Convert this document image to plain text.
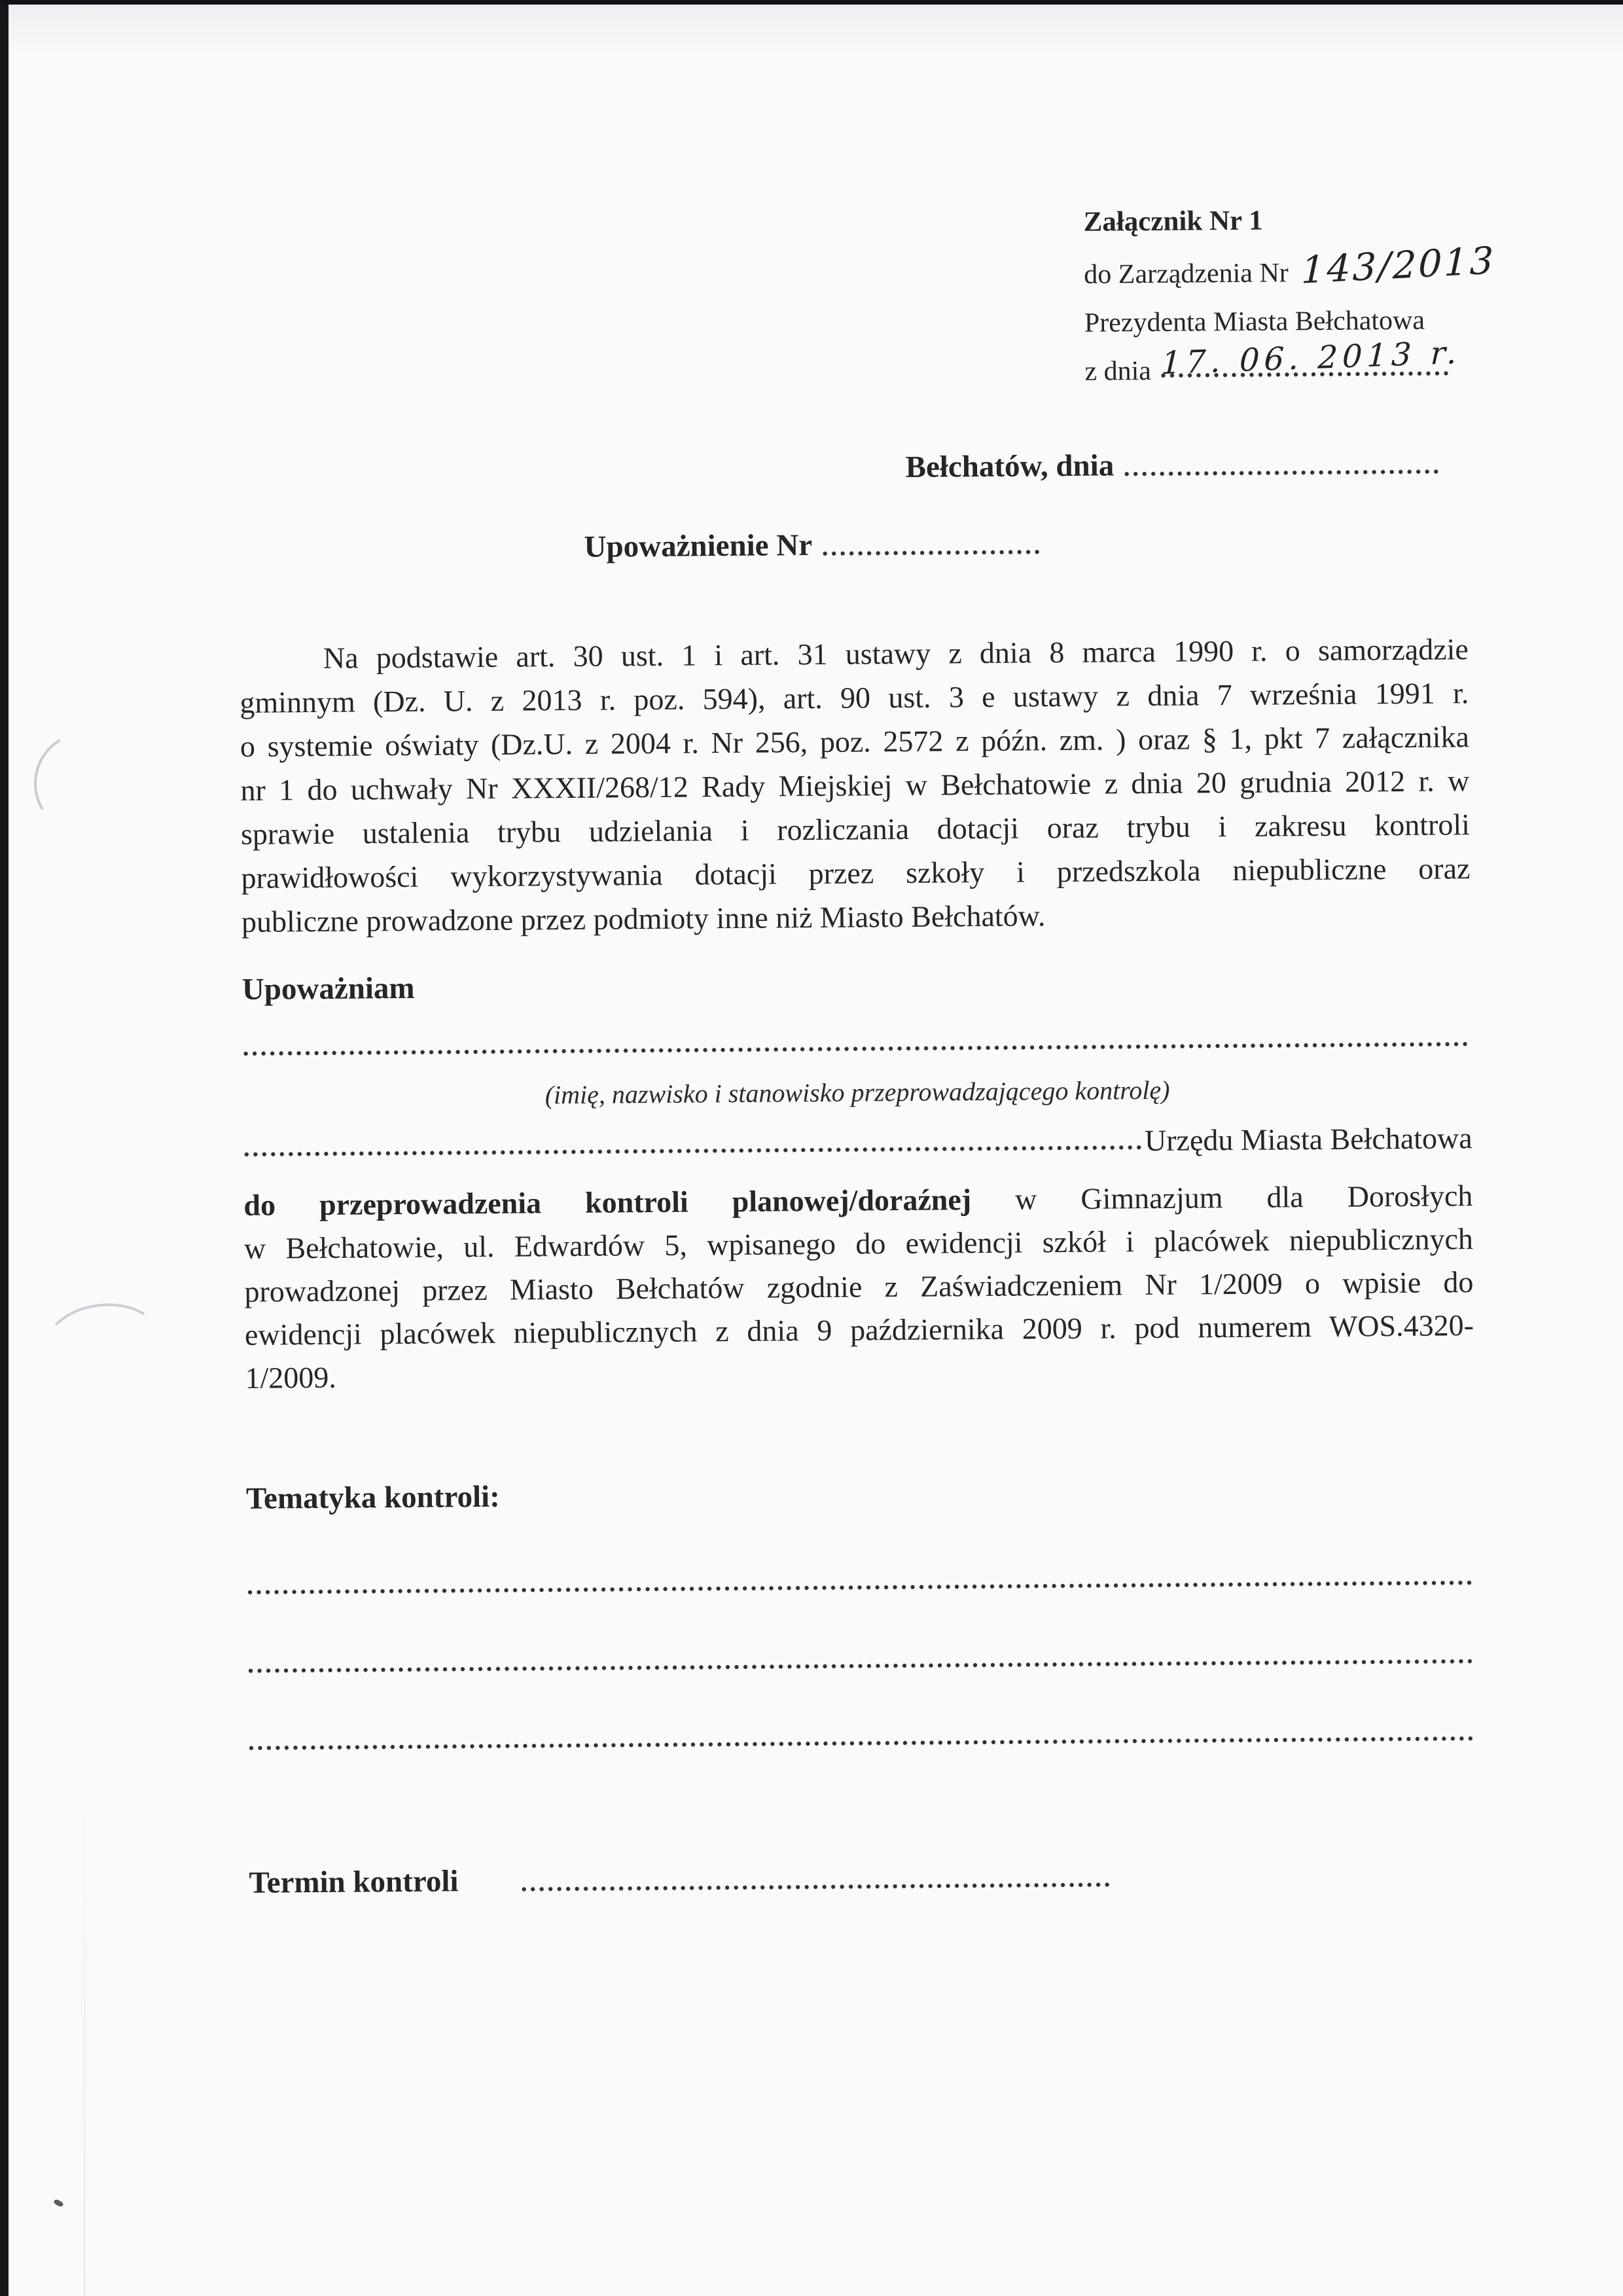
Załącznik Nr 1
do Zarządzenia Nr 143/2013
Prezydenta Miasta Bełchatowa
z dnia 17. 06. 2013 r.
Bełchatów, dnia
Upoważnienie Nr
Na podstawie art. 30 ust. 1 i art. 31 ustawy z dnia 8 marca 1990 r. o samorządzie
gminnym (Dz. U. z 2013 r. poz. 594), art. 90 ust. 3 e ustawy z dnia 7 września 1991 r.
o systemie oświaty (Dz.U. z 2004 r. Nr 256, poz. 2572 z późn. zm. ) oraz § 1, pkt 7 załącznika
nr 1 do uchwały Nr XXXII/268/12 Rady Miejskiej w Bełchatowie z dnia 20 grudnia 2012 r. w
sprawie ustalenia trybu udzielania i rozliczania dotacji oraz trybu i zakresu kontroli
prawidłowości wykorzystywania dotacji przez szkoły i przedszkola niepubliczne oraz
publiczne prowadzone przez podmioty inne niż Miasto Bełchatów.
Upoważniam
(imię, nazwisko i stanowisko przeprowadzającego kontrolę)
Urzędu Miasta Bełchatowa
do przeprowadzenia kontroli planowej/doraźnej w Gimnazjum dla Dorosłych
w Bełchatowie, ul. Edwardów 5, wpisanego do ewidencji szkół i placówek niepublicznych
prowadzonej przez Miasto Bełchatów zgodnie z Zaświadczeniem Nr 1/2009 o wpisie do
ewidencji placówek niepublicznych z dnia 9 października 2009 r. pod numerem WOS.4320-
1/2009.
Tematyka kontroli:
Termin kontroli
